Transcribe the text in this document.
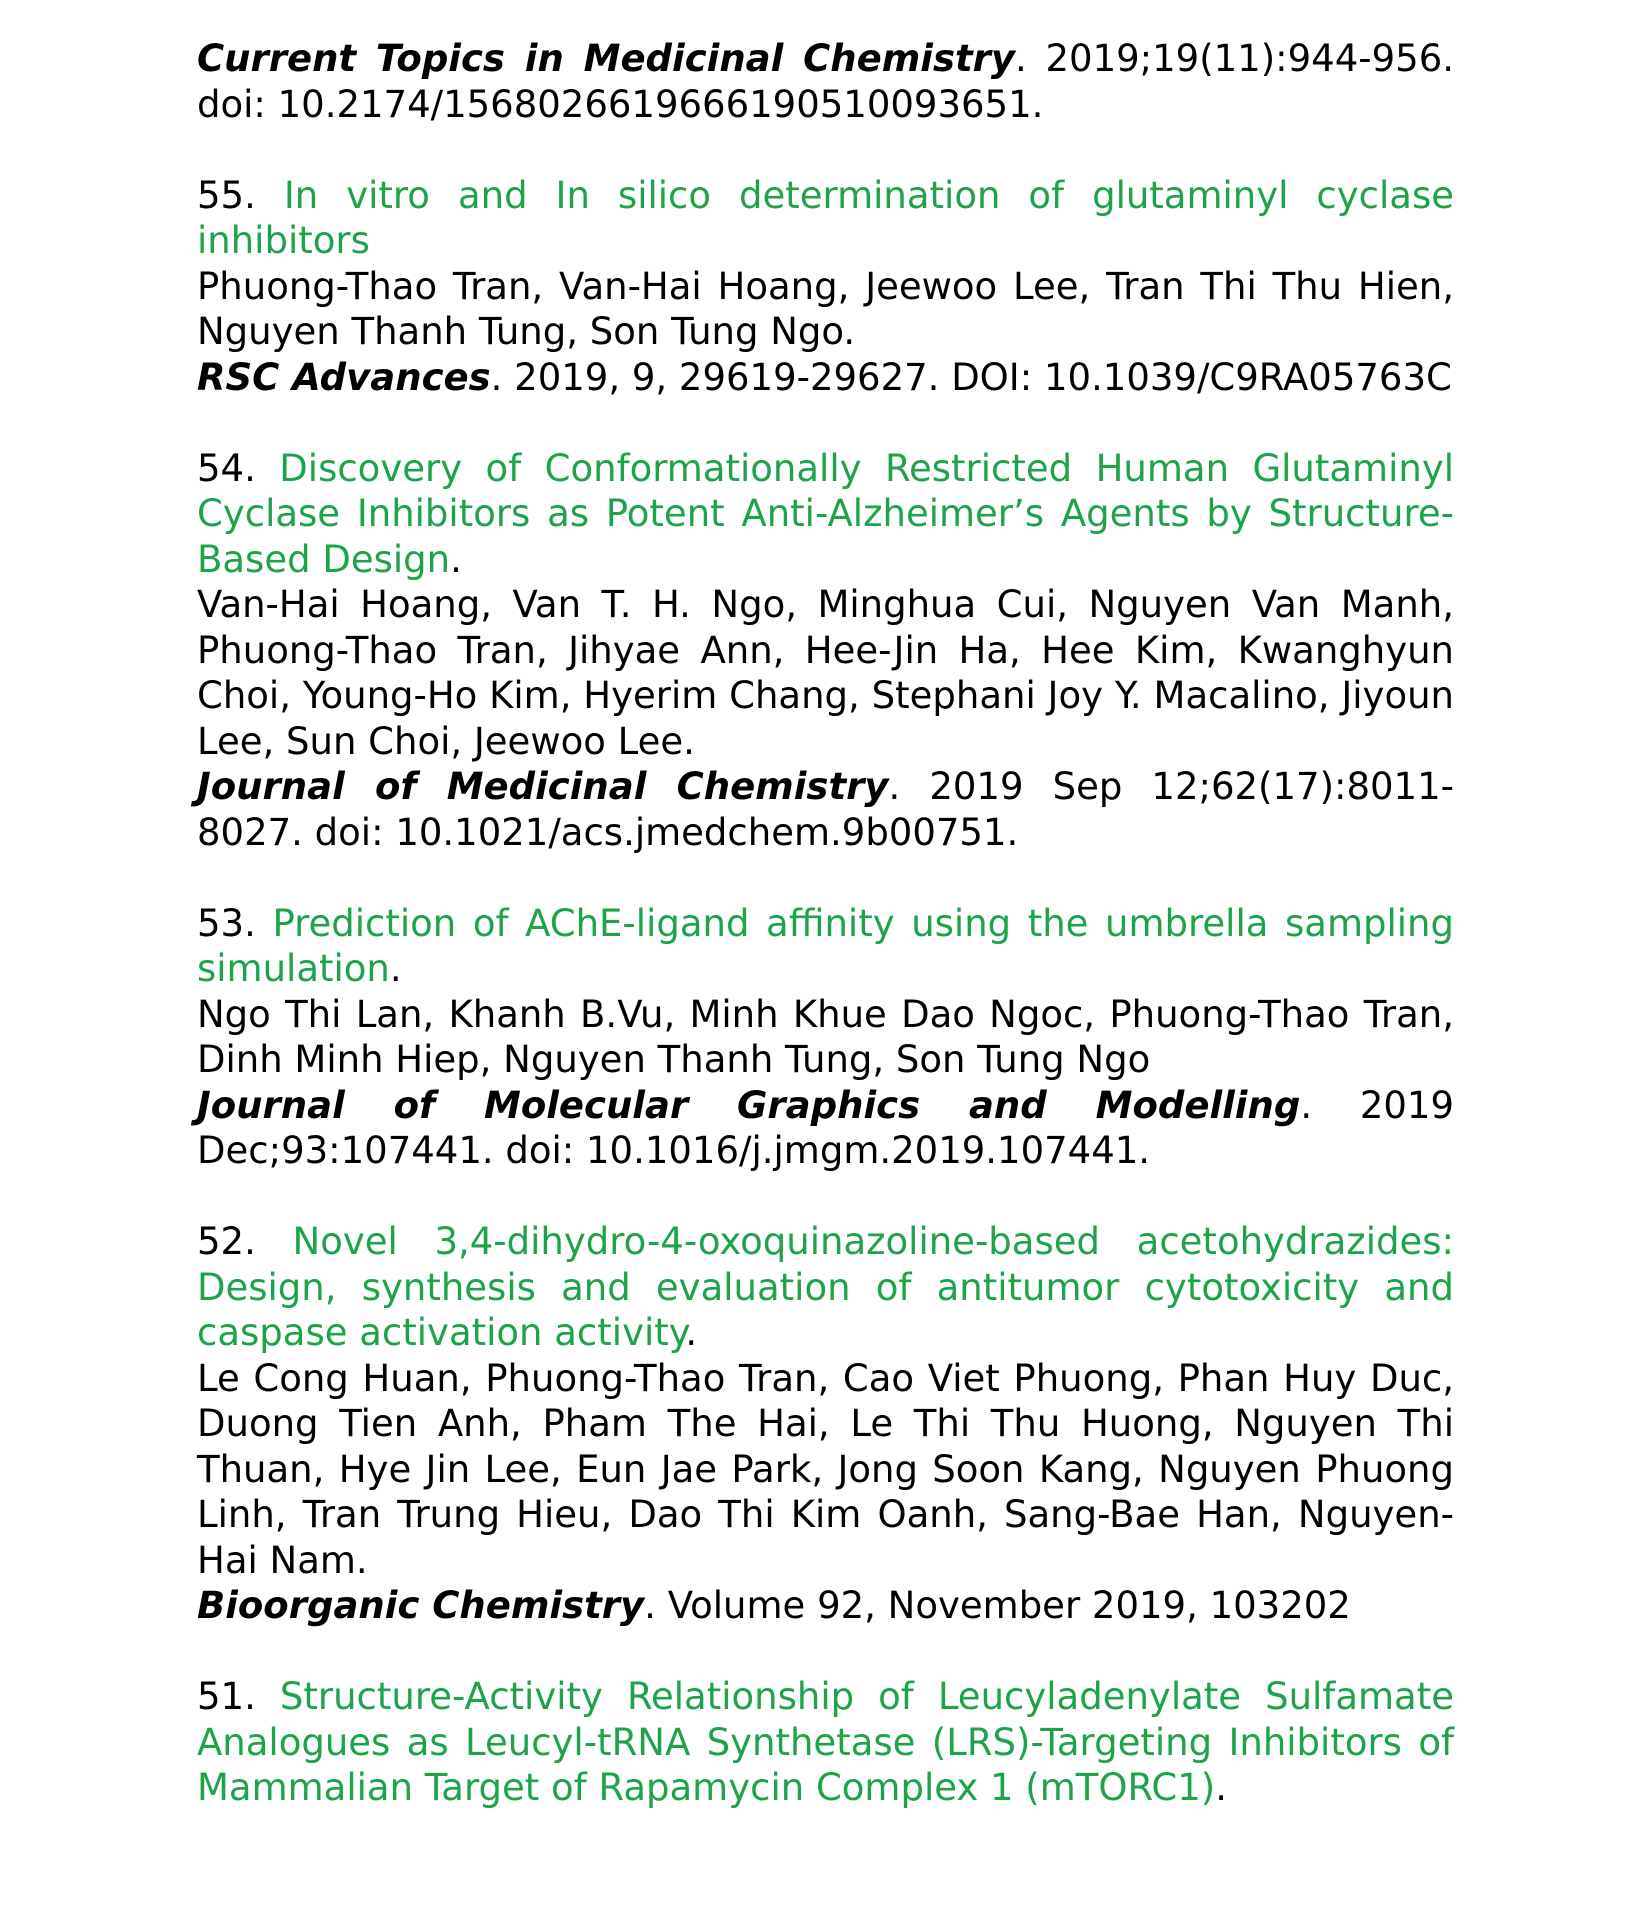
Current Topics in Medicinal Chemistry. 2019;19(11):944-956. doi: 10.2174/1568026619666190510093651.

55. In vitro and In silico determination of glutaminyl cyclase inhibitors

Phuong-Thao Tran, Van-Hai Hoang, Jeewoo Lee, Tran Thi Thu Hien, Nguyen Thanh Tung, Son Tung Ngo.

RSC Advances. 2019, 9, 29619-29627. DOI: 10.1039/C9RA05763C

54. Discovery of Conformationally Restricted Human Glutaminyl Cyclase Inhibitors as Potent Anti-Alzheimer’s Agents by Structure-Based Design.

Van-Hai Hoang, Van T. H. Ngo, Minghua Cui, Nguyen Van Manh, Phuong-Thao Tran, Jihyae Ann, Hee-Jin Ha, Hee Kim, Kwanghyun Choi, Young-Ho Kim, Hyerim Chang, Stephani Joy Y. Macalino, Jiyoun Lee, Sun Choi, Jeewoo Lee.

Journal of Medicinal Chemistry. 2019 Sep 12;62(17):8011-8027. doi: 10.1021/acs.jmedchem.9b00751.

53. Prediction of AChE-ligand affinity using the umbrella sampling simulation.

Ngo Thi Lan, Khanh B.Vu, Minh Khue Dao Ngoc, Phuong-Thao Tran, Dinh Minh Hiep, Nguyen Thanh Tung, Son Tung Ngo

Journal of Molecular Graphics and Modelling. 2019 Dec;93:107441. doi: 10.1016/j.jmgm.2019.107441.

52. Novel 3,4-dihydro-4-oxoquinazoline-based acetohydrazides: Design, synthesis and evaluation of antitumor cytotoxicity and caspase activation activity.

Le Cong Huan, Phuong-Thao Tran, Cao Viet Phuong, Phan Huy Duc, Duong Tien Anh, Pham The Hai, Le Thi Thu Huong, Nguyen Thi Thuan, Hye Jin Lee, Eun Jae Park, Jong Soon Kang, Nguyen Phuong Linh, Tran Trung Hieu, Dao Thi Kim Oanh, Sang-Bae Han, Nguyen-Hai Nam.

Bioorganic Chemistry. Volume 92, November 2019, 103202

51. Structure-Activity Relationship of Leucyladenylate Sulfamate Analogues as Leucyl-tRNA Synthetase (LRS)-Targeting Inhibitors of Mammalian Target of Rapamycin Complex 1 (mTORC1).
